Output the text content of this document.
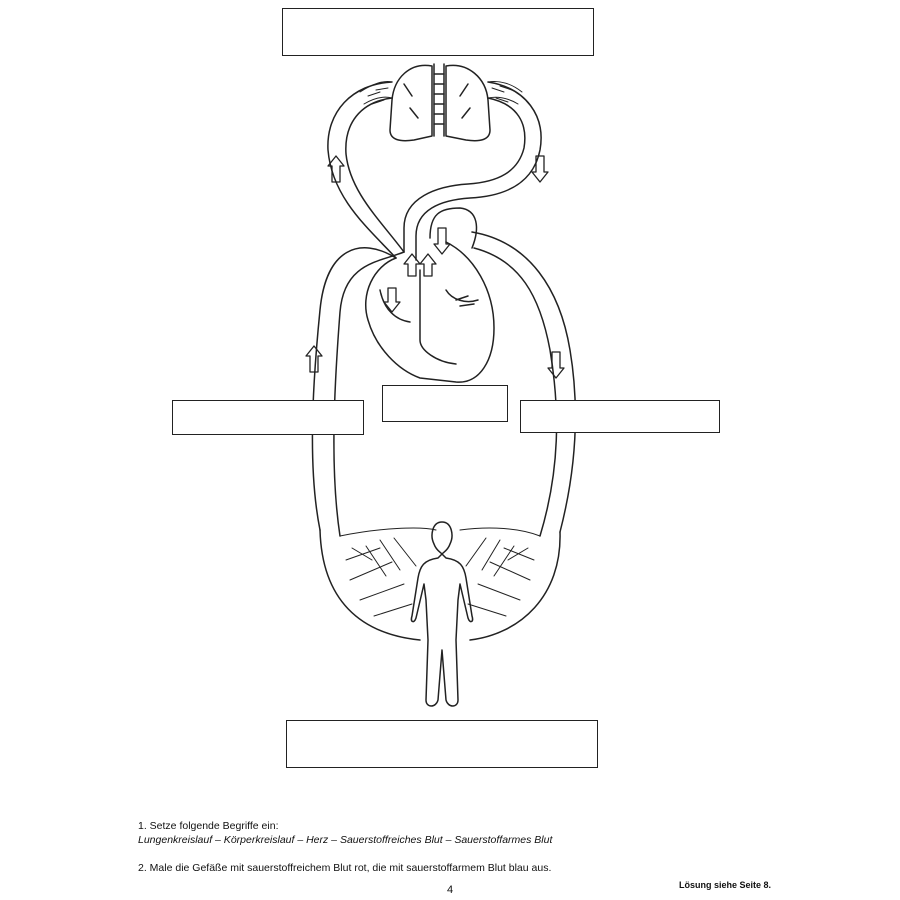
1. Setze folgende Begriffe ein:
Lungenkreislauf – Körperkreislauf – Herz – Sauerstoffreiches Blut – Sauerstoffarmes Blut
2. Male die Gefäße mit sauerstoffreichem Blut rot, die mit sauerstoffarmem Blut blau aus.
4	Lösung siehe Seite 8.
